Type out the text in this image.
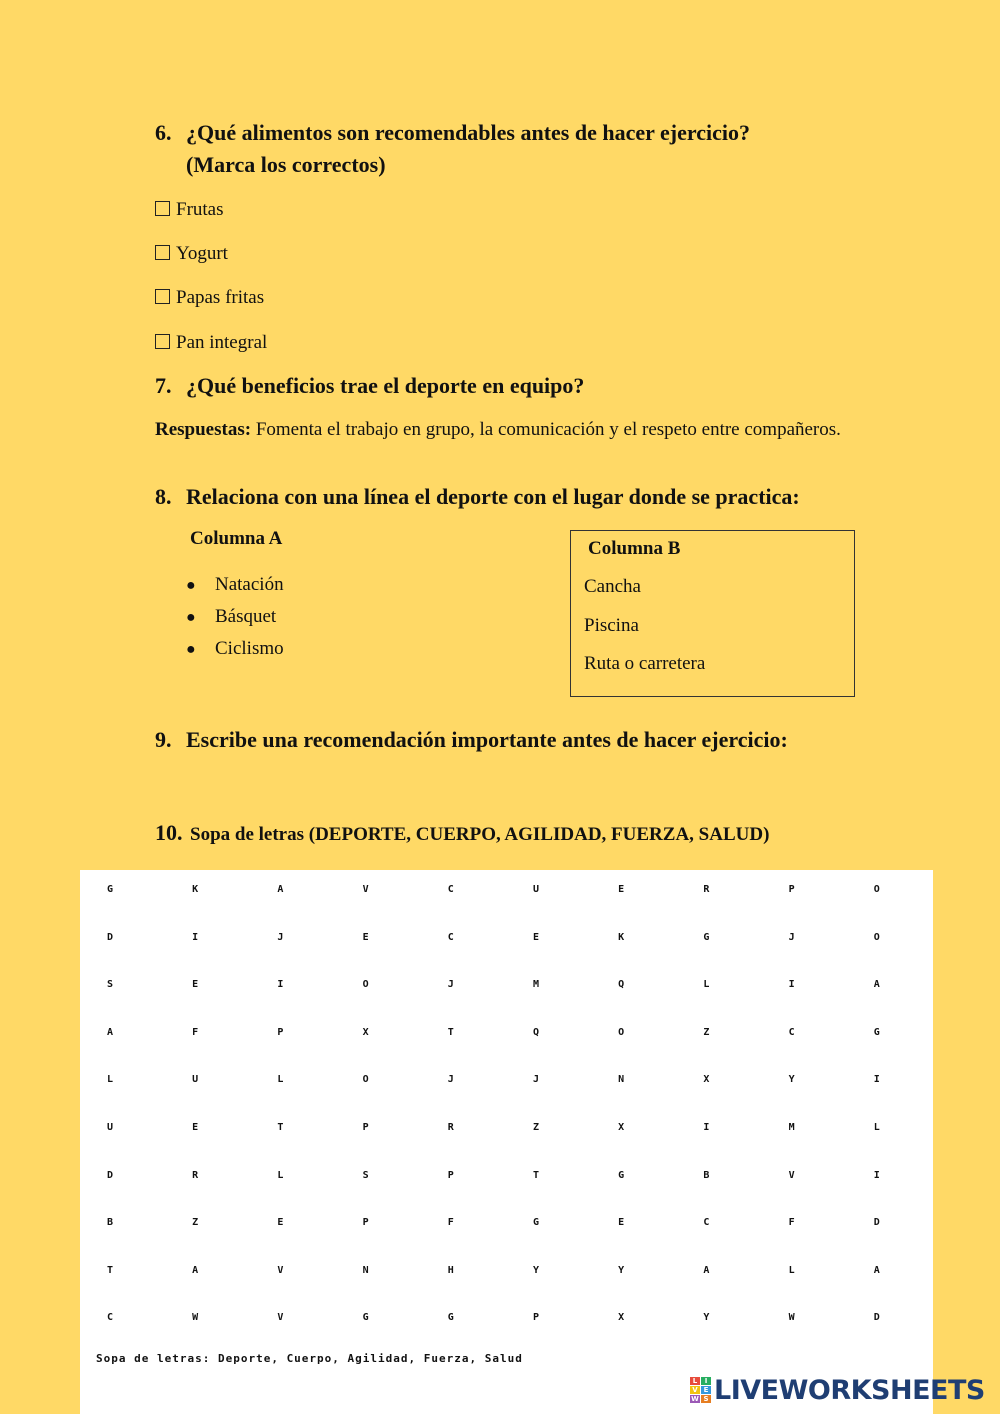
6. ¿Qué alimentos son recomendables antes de hacer ejercicio?
(Marca los correctos)
Frutas
Yogurt
Papas fritas
Pan integral
7. ¿Qué beneficios trae el deporte en equipo?
Respuestas: Fomenta el trabajo en grupo, la comunicación y el respeto entre compañeros.
8. Relaciona con una línea el deporte con el lugar donde se practica:
Columna A
● Natación
● Básquet
● Ciclismo
Columna B
Cancha
Piscina
Ruta o carretera
9. Escribe una recomendación importante antes de hacer ejercicio:
10. Sopa de letras (DEPORTE, CUERPO, AGILIDAD, FUERZA, SALUD)
G	K	A	V	C	U	E	R	P	O
D	I	J	E	C	E	K	G	J	O
S	E	I	O	J	M	Q	L	I	A
A	F	P	X	T	Q	O	Z	C	G
L	U	L	O	J	J	N	X	Y	I
U	E	T	P	R	Z	X	I	M	L
D	R	L	S	P	T	G	B	V	I
B	Z	E	P	F	G	E	C	F	D
T	A	V	N	H	Y	Y	A	L	A
C	W	V	G	G	P	X	Y	W	D
Sopa de letras: Deporte, Cuerpo, Agilidad, Fuerza, Salud
L	I
V E
W S LIVEWORKSHEETS
